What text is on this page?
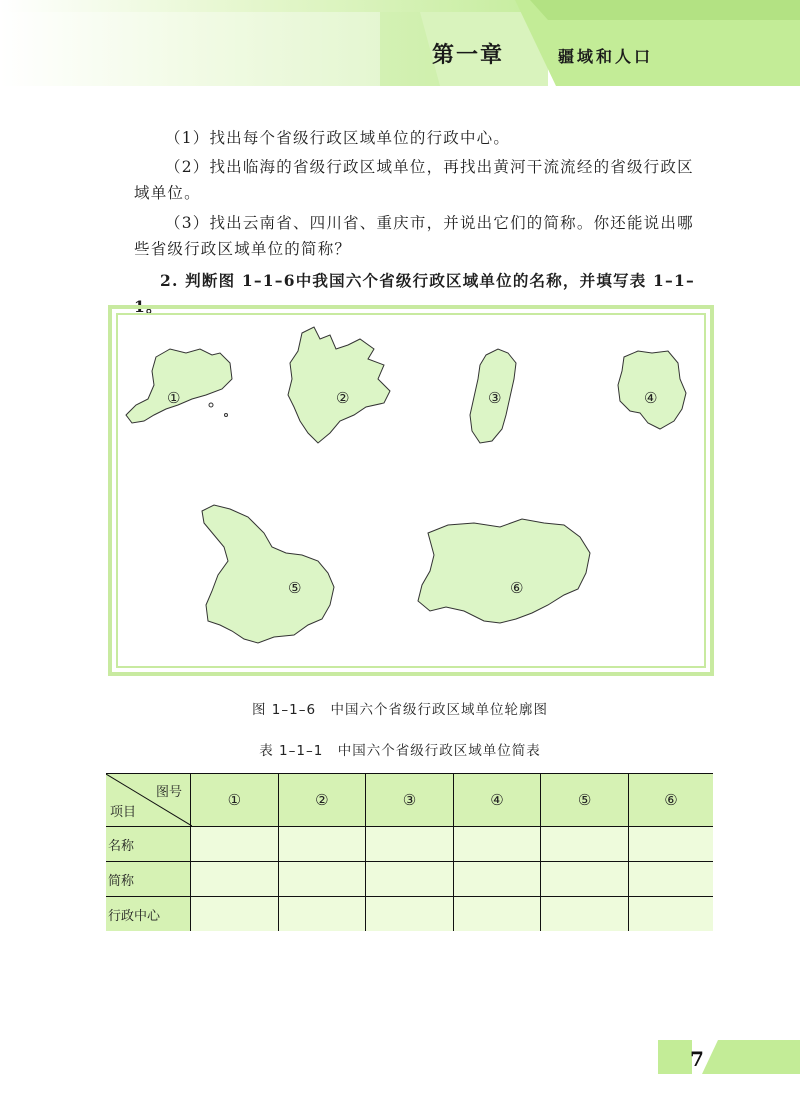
第一章	疆域和人口
（1）找出每个省级行政区域单位的行政中心。
（2）找出临海的省级行政区域单位，再找出黄河干流流经的省级行政区域单位。
（3）找出云南省、四川省、重庆市，并说出它们的简称。你还能说出哪些省级行政区域单位的简称？
2. 判断图 1–1–6中我国六个省级行政区域单位的名称，并填写表 1–1–1。
①	②	③	④
⑤	⑥
图 1–1–6　中国六个省级行政区域单位轮廓图
表 1–1–1　中国六个省级行政区域单位简表
图号
项目	①	②	③	④	⑤	⑥
名称						
简称						
行政中心						
7
